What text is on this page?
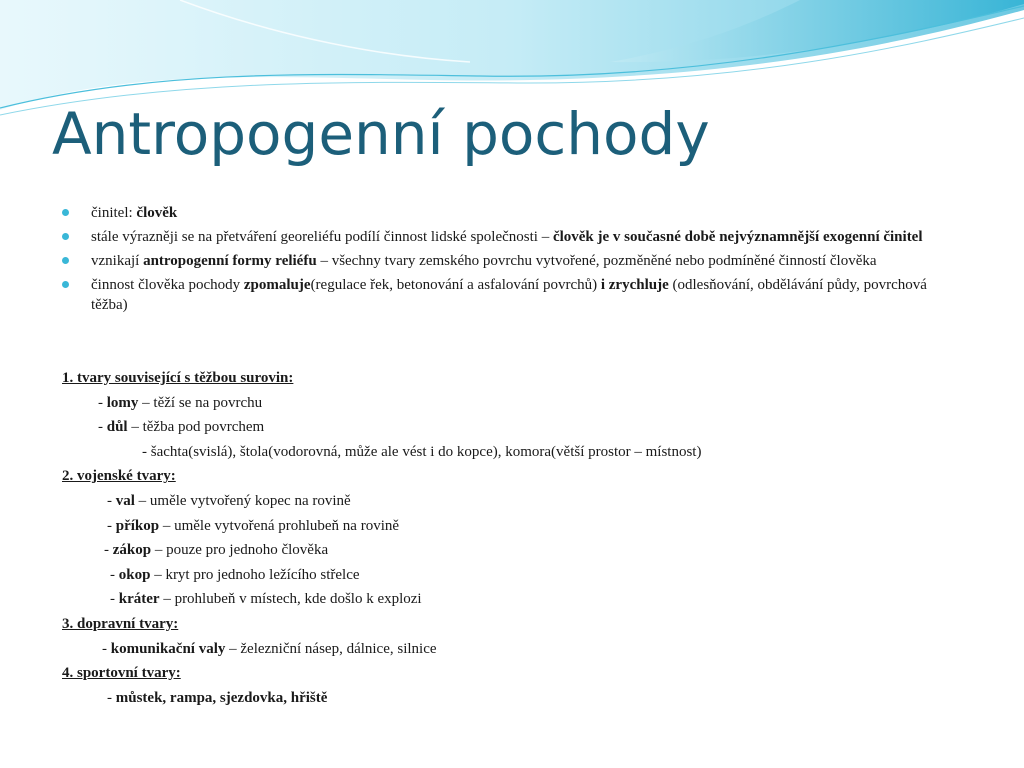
Antropogenní pochody
činitel: člověk
stále výrazněji se na přetváření georeliéfu podílí činnost lidské společnosti – člověk je v současné době nejvýznamnější exogenní činitel
vznikají antropogenní formy reliéfu – všechny tvary zemského povrchu vytvořené, pozměněné nebo podmíněné činností člověka
činnost člověka pochody zpomaluje(regulace řek, betonování a asfalování povrchů) i zrychluje (odlesňování, obdělávání půdy, povrchová těžba)
1. tvary související s těžbou surovin:
- lomy – těží se na povrchu
- důl – těžba pod povrchem
- šachta(svislá), štola(vodorovná, může ale vést i do kopce), komora(větší prostor – místnost)
2. vojenské tvary:
- val – uměle vytvořený kopec na rovině
- příkop – uměle vytvořená prohlubeň na rovině
- zákop – pouze pro jednoho člověka
- okop – kryt pro jednoho ležícího střelce
- kráter – prohlubeň v místech, kde došlo k explozi
3. dopravní tvary:
- komunikační valy – železniční násep, dálnice, silnice
4. sportovní tvary:
- můstek, rampa, sjezdovka, hřiště
